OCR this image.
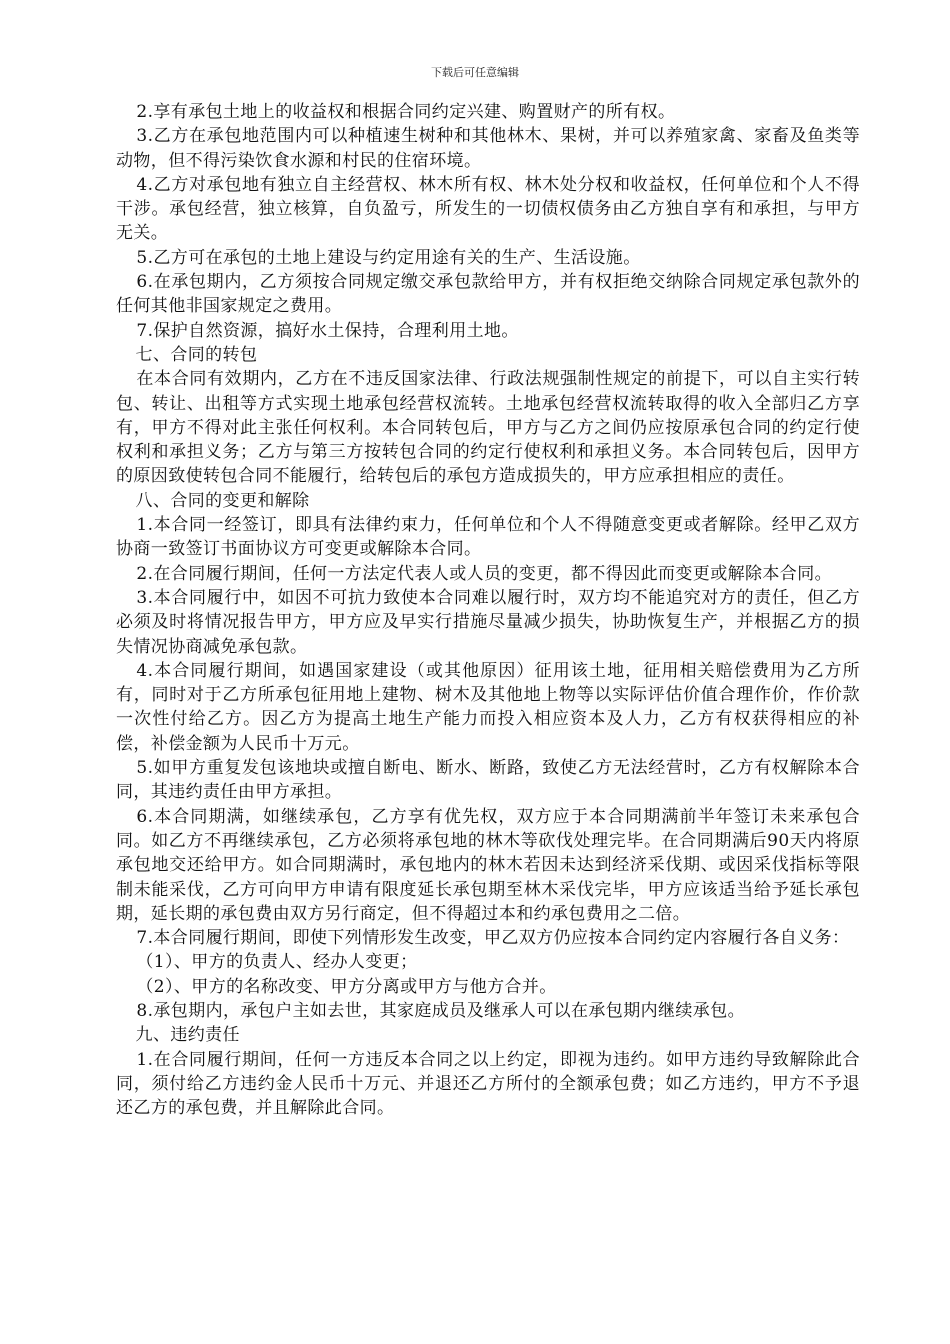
下载后可任意编辑

2.享有承包土地上的收益权和根据合同约定兴建、购置财产的所有权。

3.乙方在承包地范围内可以种植速生树种和其他林木、果树，并可以养殖家禽、家畜及鱼类等动物，但不得污染饮食水源和村民的住宿环境。

4.乙方对承包地有独立自主经营权、林木所有权、林木处分权和收益权，任何单位和个人不得干涉。承包经营，独立核算，自负盈亏，所发生的一切债权债务由乙方独自享有和承担，与甲方无关。

5.乙方可在承包的土地上建设与约定用途有关的生产、生活设施。

6.在承包期内，乙方须按合同规定缴交承包款给甲方，并有权拒绝交纳除合同规定承包款外的任何其他非国家规定之费用。

7.保护自然资源，搞好水土保持，合理利用土地。

七、合同的转包

在本合同有效期内，乙方在不违反国家法律、行政法规强制性规定的前提下，可以自主实行转包、转让、出租等方式实现土地承包经营权流转。土地承包经营权流转取得的收入全部归乙方享有，甲方不得对此主张任何权利。本合同转包后，甲方与乙方之间仍应按原承包合同的约定行使权利和承担义务；乙方与第三方按转包合同的约定行使权利和承担义务。本合同转包后，因甲方的原因致使转包合同不能履行，给转包后的承包方造成损失的，甲方应承担相应的责任。

八、合同的变更和解除

1.本合同一经签订，即具有法律约束力，任何单位和个人不得随意变更或者解除。经甲乙双方协商一致签订书面协议方可变更或解除本合同。

2.在合同履行期间，任何一方法定代表人或人员的变更，都不得因此而变更或解除本合同。

3.本合同履行中，如因不可抗力致使本合同难以履行时，双方均不能追究对方的责任，但乙方必须及时将情况报告甲方，甲方应及早实行措施尽量减少损失，协助恢复生产，并根据乙方的损失情况协商减免承包款。

4.本合同履行期间，如遇国家建设（或其他原因）征用该土地，征用相关赔偿费用为乙方所有，同时对于乙方所承包征用地上建物、树木及其他地上物等以实际评估价值合理作价，作价款一次性付给乙方。因乙方为提高土地生产能力而投入相应资本及人力，乙方有权获得相应的补偿，补偿金额为人民币十万元。

5.如甲方重复发包该地块或擅自断电、断水、断路，致使乙方无法经营时，乙方有权解除本合同，其违约责任由甲方承担。

6.本合同期满，如继续承包，乙方享有优先权，双方应于本合同期满前半年签订未来承包合同。如乙方不再继续承包，乙方必须将承包地的林木等砍伐处理完毕。在合同期满后90天内将原承包地交还给甲方。如合同期满时，承包地内的林木若因未达到经济采伐期、或因采伐指标等限制未能采伐，乙方可向甲方申请有限度延长承包期至林木采伐完毕，甲方应该适当给予延长承包期，延长期的承包费由双方另行商定，但不得超过本和约承包费用之二倍。

7.本合同履行期间，即使下列情形发生改变，甲乙双方仍应按本合同约定内容履行各自义务：

（1）、甲方的负责人、经办人变更；

（2）、甲方的名称改变、甲方分离或甲方与他方合并。

8.承包期内，承包户主如去世，其家庭成员及继承人可以在承包期内继续承包。

九、违约责任

1.在合同履行期间，任何一方违反本合同之以上约定，即视为违约。如甲方违约导致解除此合同，须付给乙方违约金人民币十万元、并退还乙方所付的全额承包费；如乙方违约，甲方不予退还乙方的承包费，并且解除此合同。
